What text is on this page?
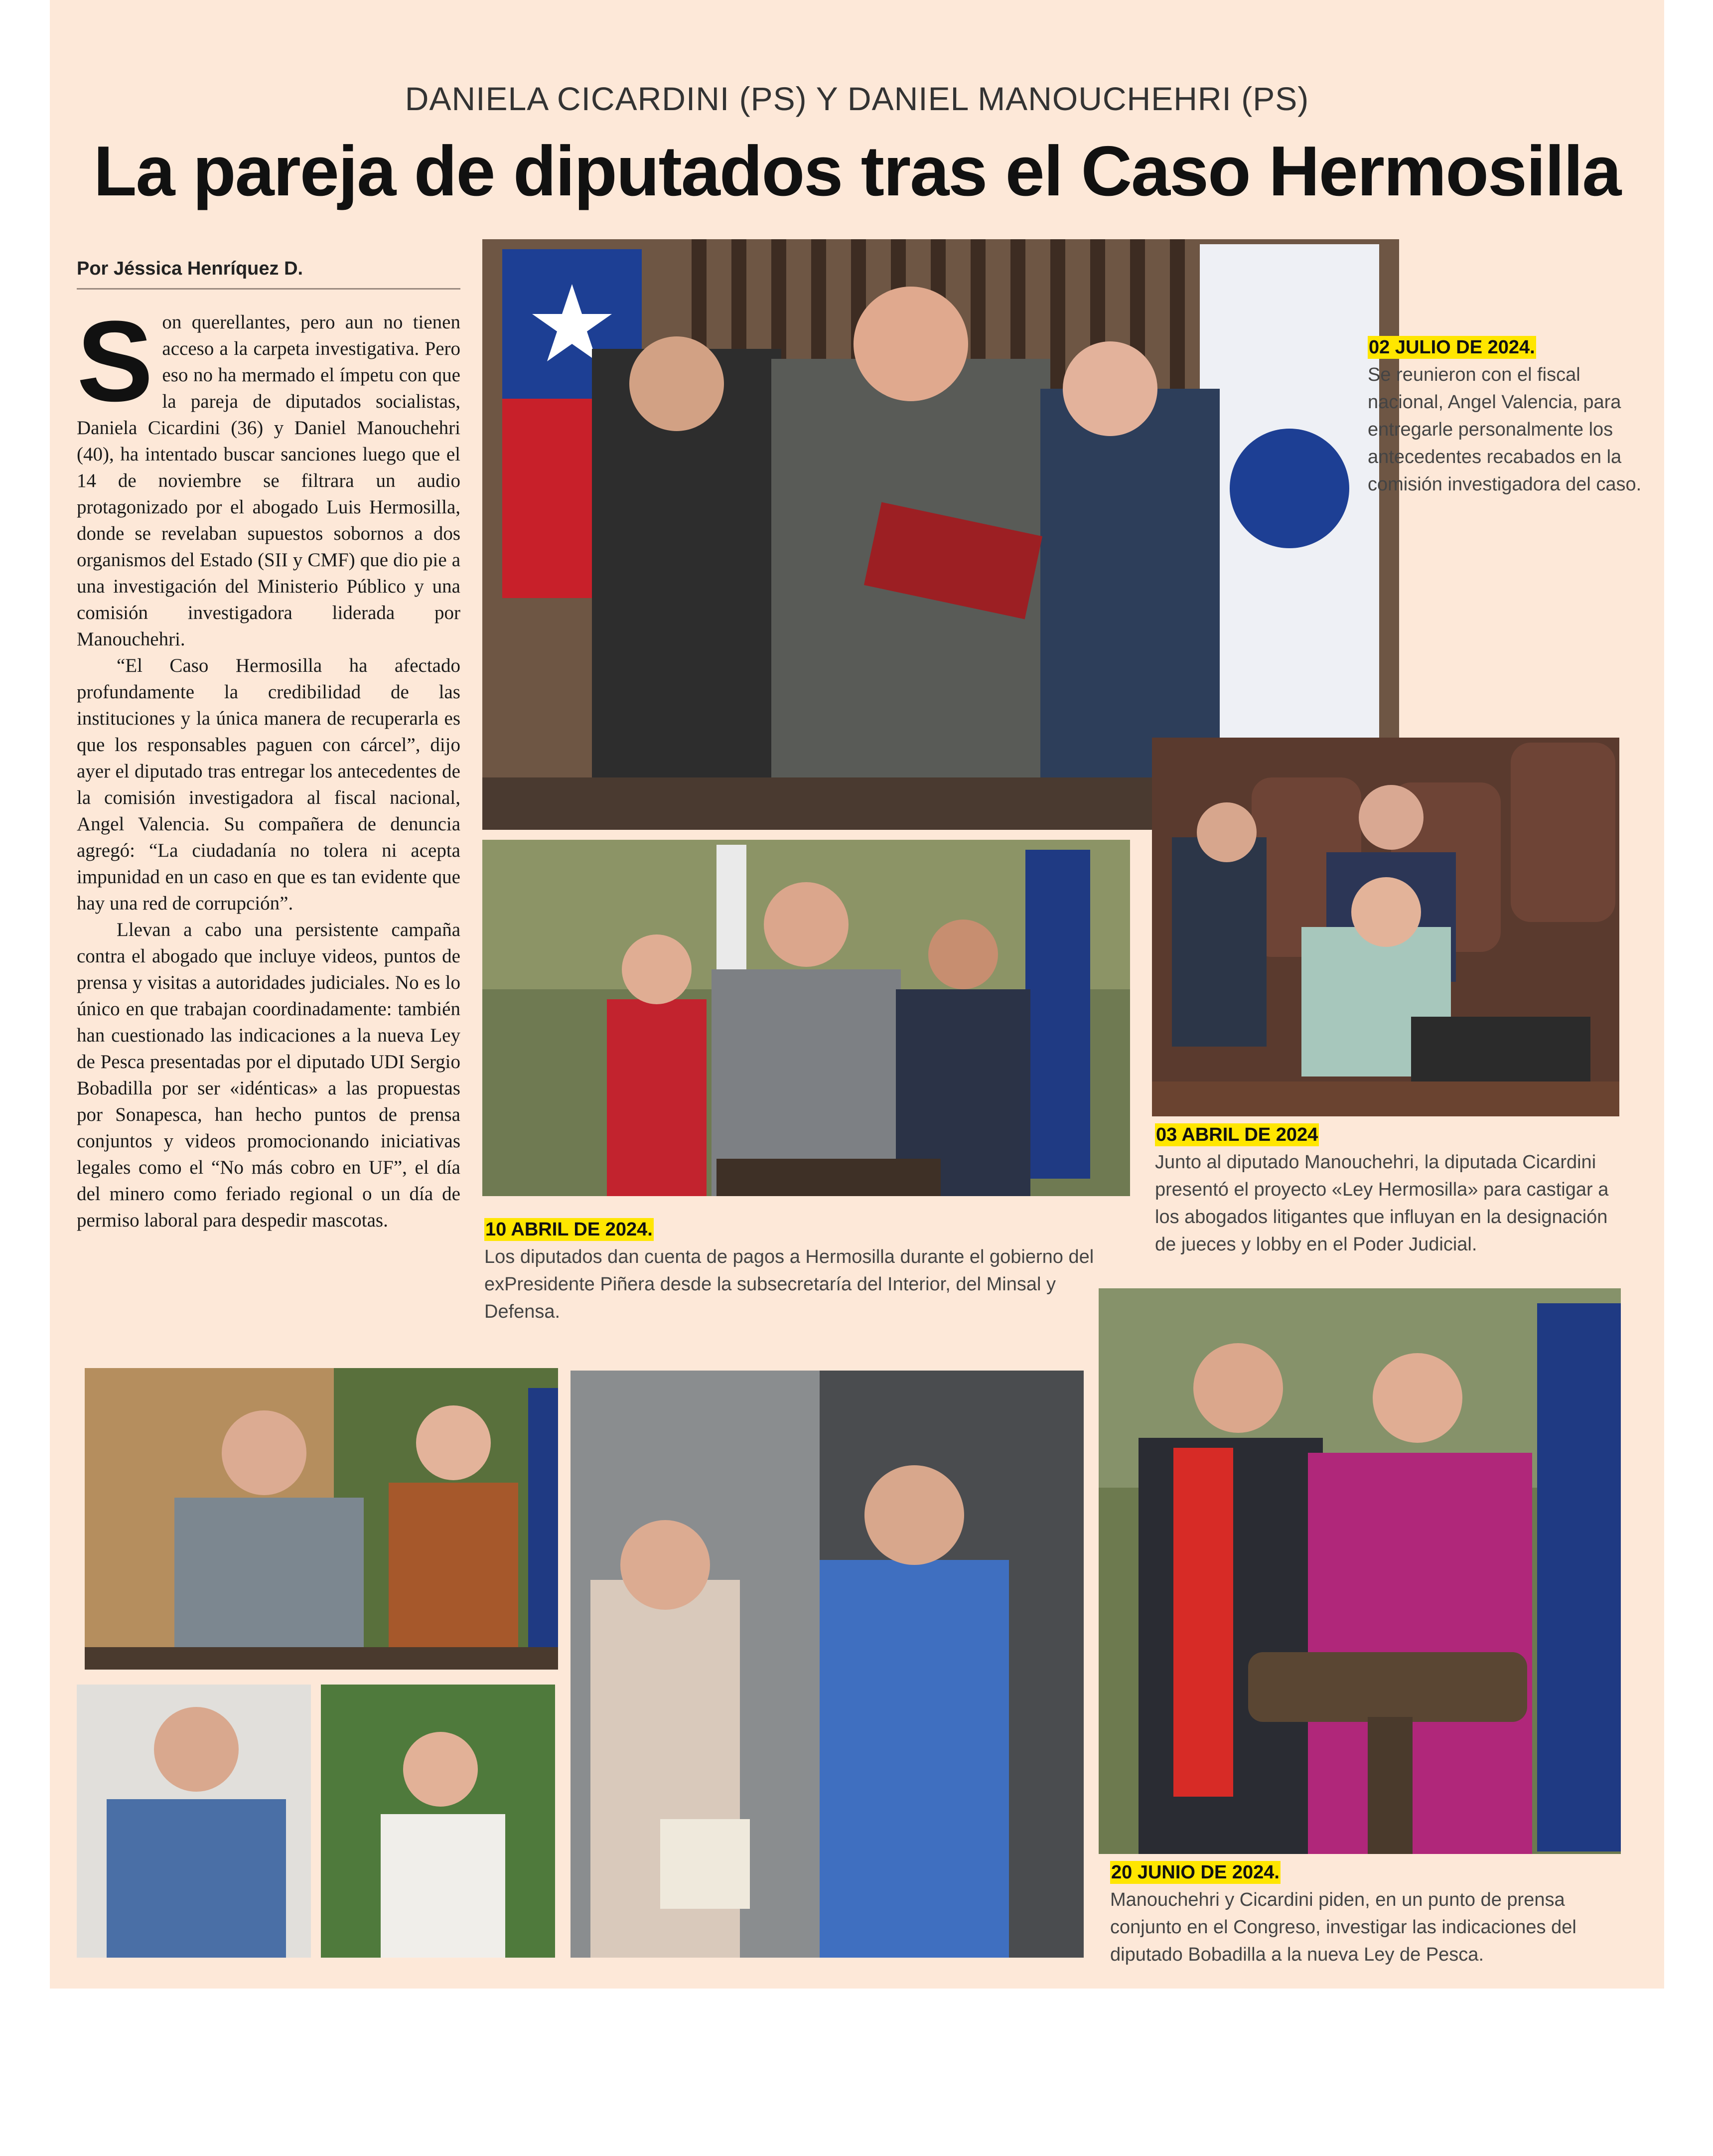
DANIELA CICARDINI (PS) Y DANIEL MANOUCHEHRI (PS)
La pareja de diputados tras el Caso Hermosilla
Por Jéssica Henríquez D.

Son querellantes, pero aun no tienen acceso a la carpeta investigativa. Pero eso no ha mermado el ímpetu con que la pareja de diputados socialistas, Daniela Cicardini (36) y Daniel Manouchehri (40), ha intentado buscar sanciones luego que el 14 de noviembre se filtrara un audio protagonizado por el abogado Luis Hermosilla, donde se revelaban supuestos sobornos a dos organismos del Estado (SII y CMF) que dio pie a una investigación del Ministerio Público y una comisión investigadora liderada por Manouchehri.

“El Caso Hermosilla ha afectado profundamente la credibilidad de las instituciones y la única manera de recuperarla es que los responsables paguen con cárcel”, dijo ayer el diputado tras entregar los antecedentes de la comisión investigadora al fiscal nacional, Angel Valencia. Su compañera de denuncia agregó: “La ciudadanía no tolera ni acepta impunidad en un caso en que es tan evidente que hay una red de corrupción”.

Llevan a cabo una persistente campaña contra el abogado que incluye videos, puntos de prensa y visitas a autoridades judiciales. No es lo único en que trabajan coordinadamente: también han cuestionado las indicaciones a la nueva Ley de Pesca presentadas por el diputado UDI Sergio Bobadilla por ser «idénticas» a las propuestas por Sonapesca, han hecho puntos de prensa conjuntos y videos promocionando iniciativas legales como el “No más cobro en UF”, el día del minero como feriado regional o un día de permiso laboral para despedir mascotas.

02 JULIO DE 2024.
Se reunieron con el fiscal nacional, Angel Valencia, para entregarle personalmente los antecedentes recabados en la comisión investigadora del caso.
10 ABRIL DE 2024.
Los diputados dan cuenta de pagos a Hermosilla durante el gobierno del exPresidente Piñera desde la subsecretaría del Interior, del Minsal y Defensa.
03 ABRIL DE 2024
Junto al diputado Manouchehri, la diputada Cicardini presentó el proyecto «Ley Hermosilla» para castigar a los abogados litigantes que influyan en la designación de jueces y lobby en el Poder Judicial.
20 JUNIO DE 2024.
Manouchehri y Cicardini piden, en un punto de prensa conjunto en el Congreso, investigar las indicaciones del diputado Bobadilla a la nueva Ley de Pesca.
